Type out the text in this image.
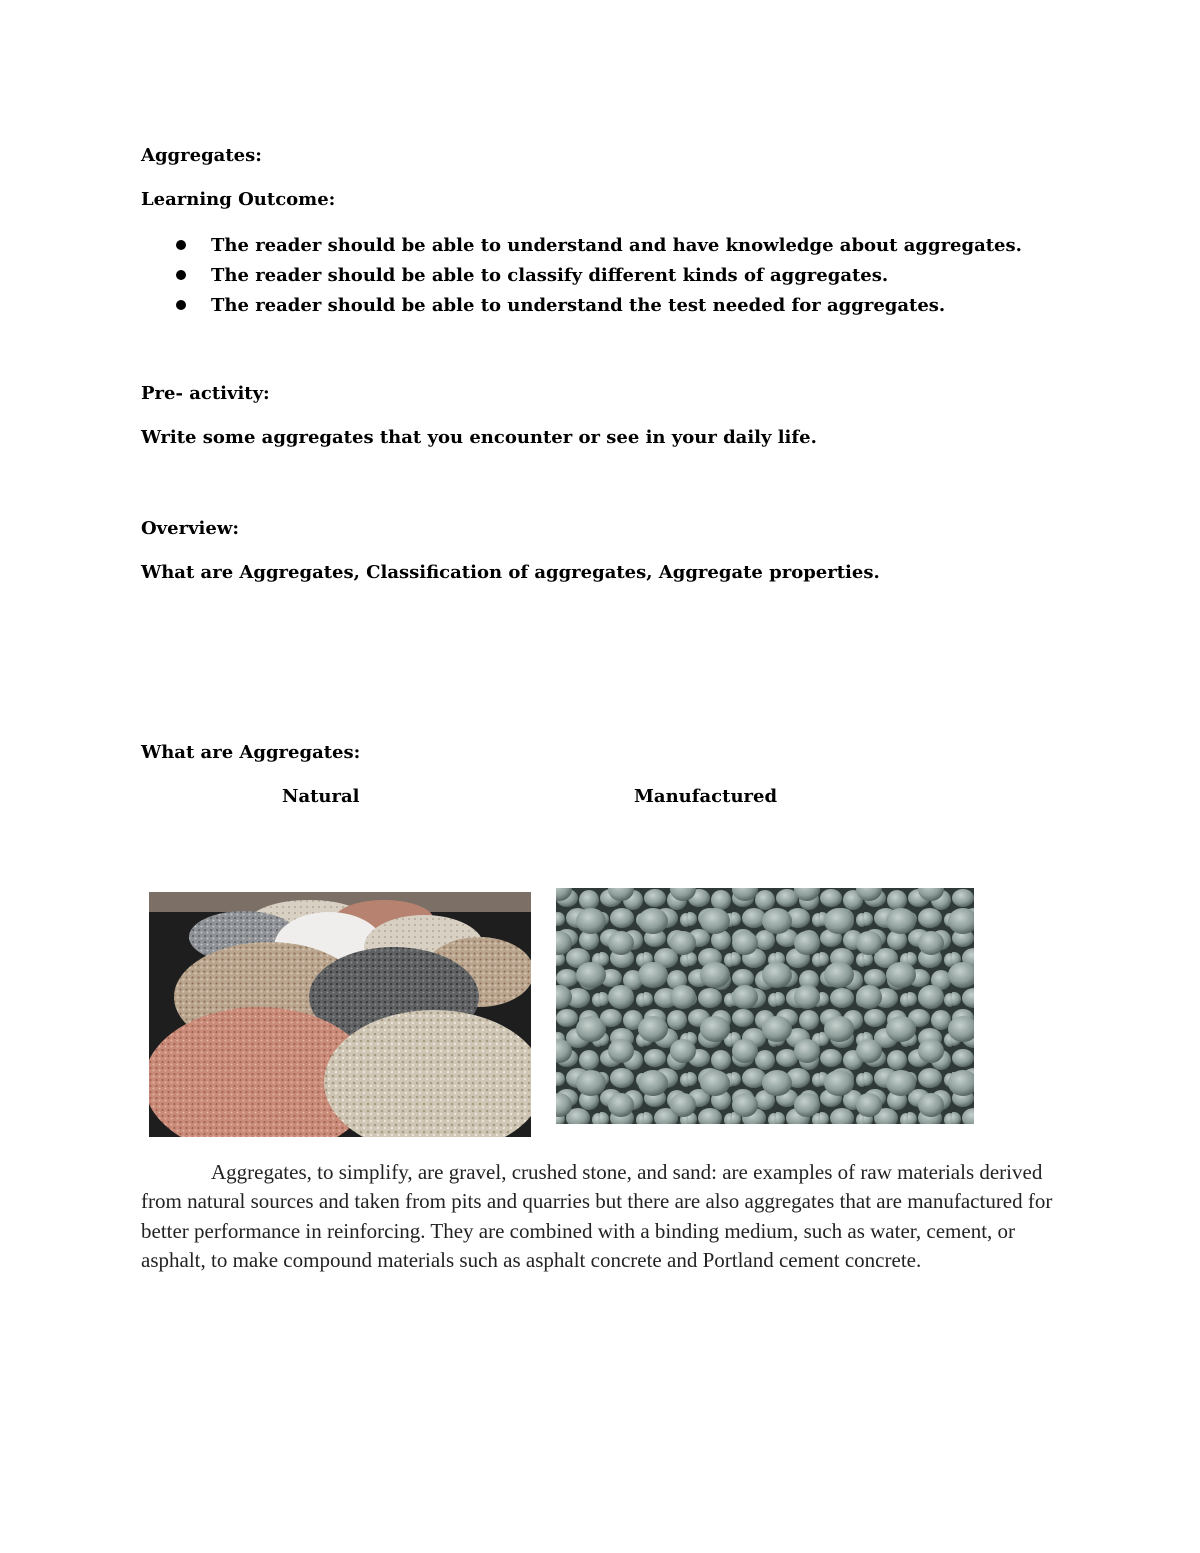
Aggregates:

Learning Outcome:

The reader should be able to understand and have knowledge about aggregates.
The reader should be able to classify different kinds of aggregates.
The reader should be able to understand the test needed for aggregates.

Pre- activity:

Write some aggregates that you encounter or see in your daily life.

Overview:

What are Aggregates, Classification of aggregates, Aggregate properties.

What are Aggregates:

Natural	Manufactured

Aggregates, to simplify, are gravel, crushed stone, and sand: are examples of raw materials derived from natural sources and taken from pits and quarries but there are also aggregates that are manufactured for better performance in reinforcing. They are combined with a binding medium, such as water, cement, or asphalt, to make compound materials such as asphalt concrete and Portland cement concrete.
